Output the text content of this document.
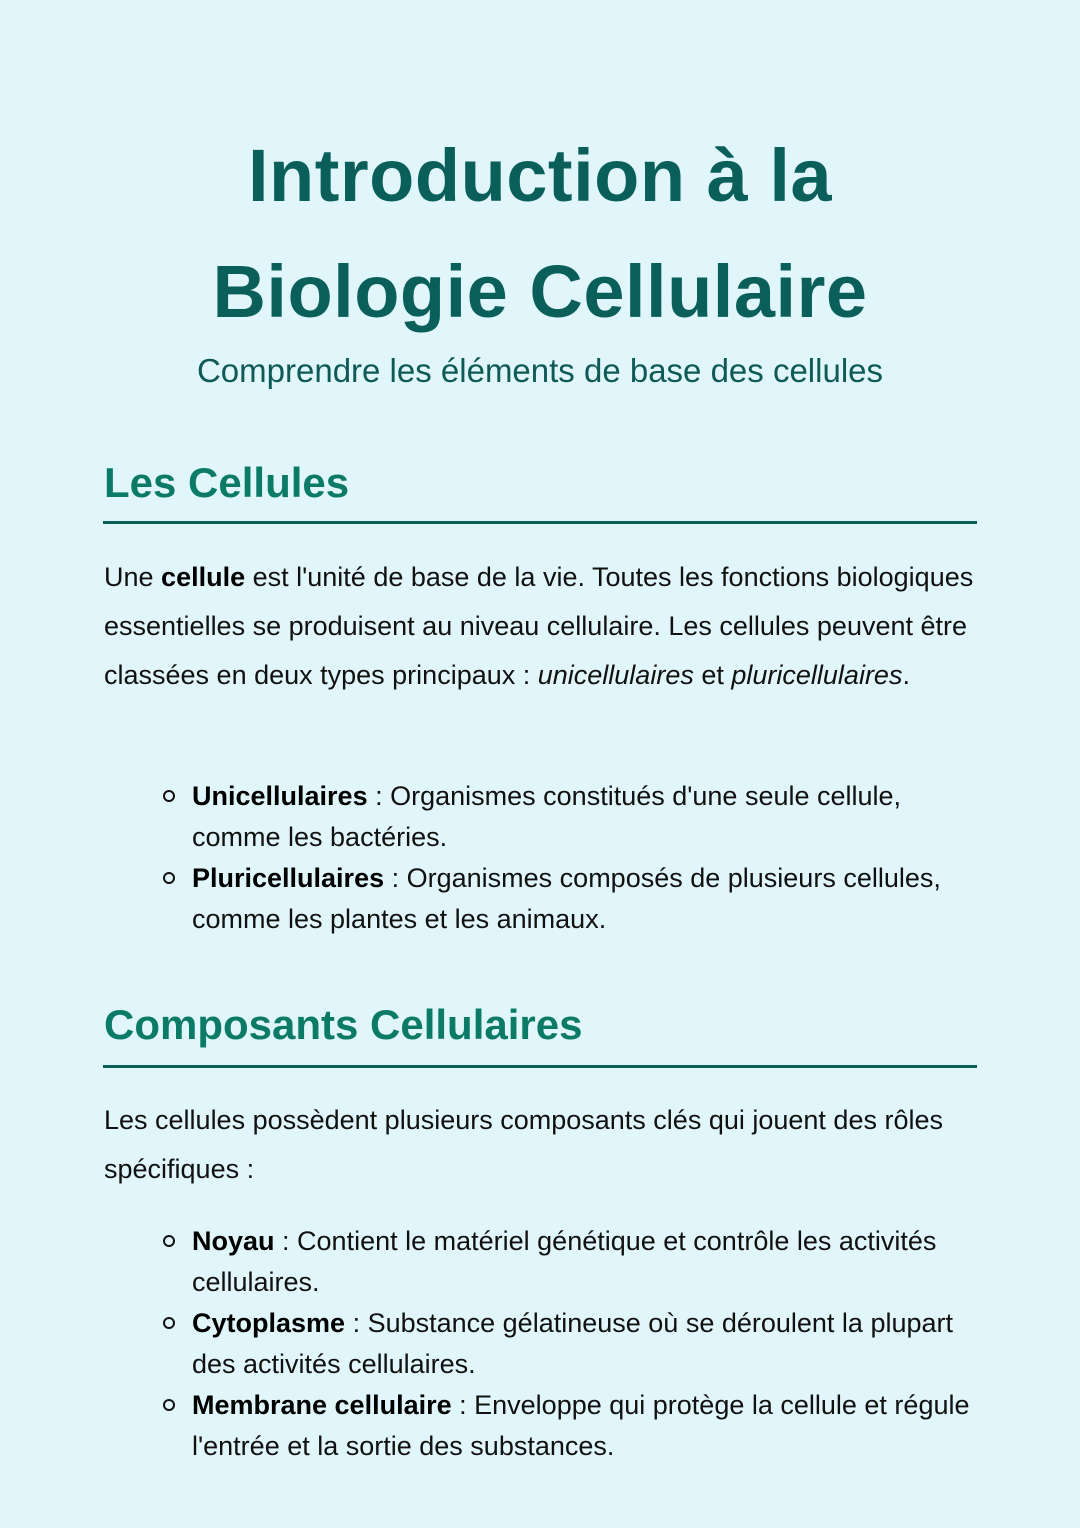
Introduction à la
Biologie Cellulaire
Comprendre les éléments de base des cellules
Les Cellules
Une cellule est l'unité de base de la vie. Toutes les fonctions biologiques essentielles se produisent au niveau cellulaire. Les cellules peuvent être classées en deux types principaux : unicellulaires et pluricellulaires.
Unicellulaires : Organismes constitués d'une seule cellule, comme les bactéries.
Pluricellulaires : Organismes composés de plusieurs cellules, comme les plantes et les animaux.
Composants Cellulaires
Les cellules possèdent plusieurs composants clés qui jouent des rôles spécifiques :
Noyau : Contient le matériel génétique et contrôle les activités cellulaires.
Cytoplasme : Substance gélatineuse où se déroulent la plupart des activités cellulaires.
Membrane cellulaire : Enveloppe qui protège la cellule et régule l'entrée et la sortie des substances.
